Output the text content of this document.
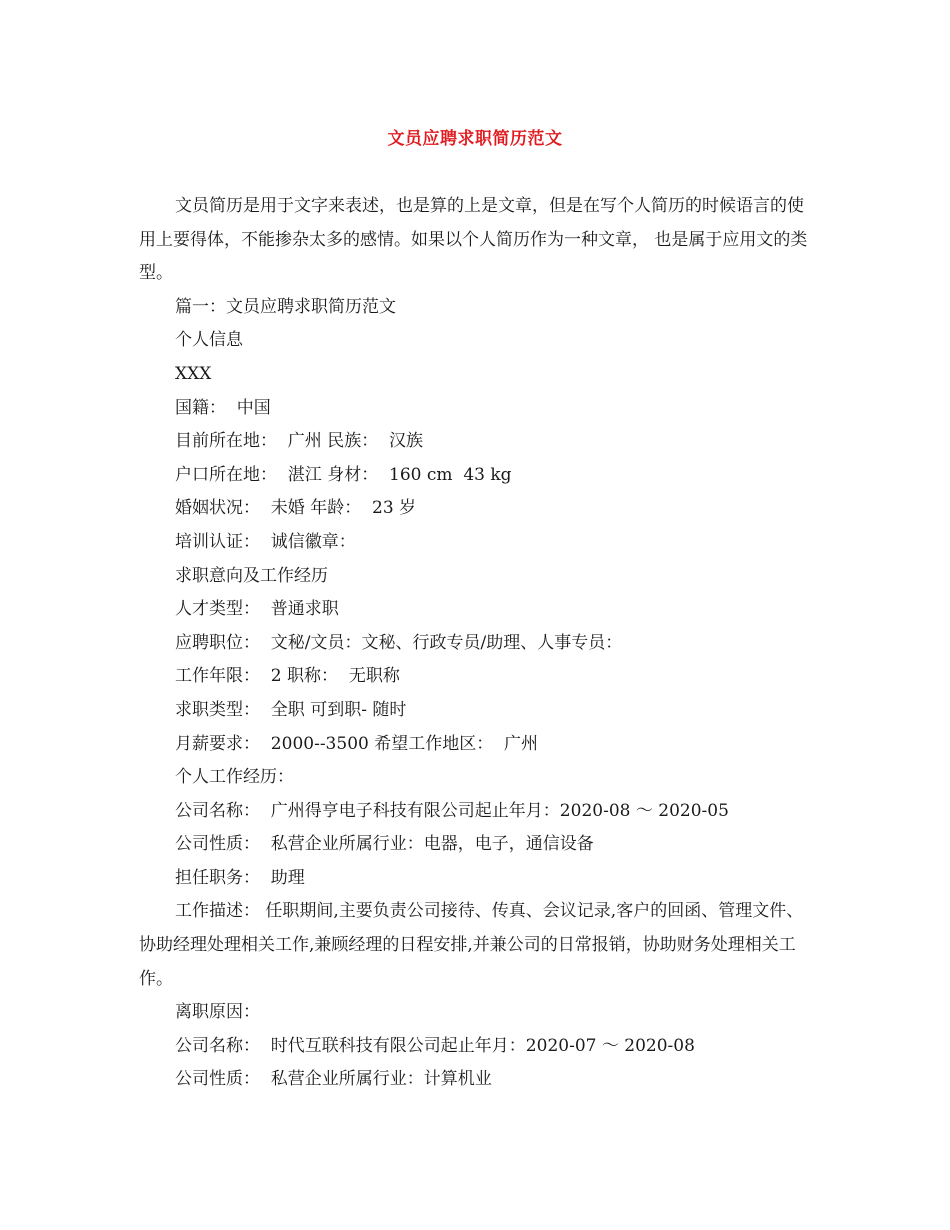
文员应聘求职简历范文

文员简历是用于文字来表述，也是算的上是文章，但是在写个人简历的时候语言的使用上要得体，不能掺杂太多的感情。如果以个人简历作为一种文章， 也是属于应用文的类型。

篇一：文员应聘求职简历范文

个人信息

XXX

国籍：  中国

目前所在地：  广州 民族：  汉族

户口所在地：  湛江 身材：  160 cm  43 kg

婚姻状况：  未婚 年龄：  23 岁

培训认证：  诚信徽章：

求职意向及工作经历

人才类型：  普通求职

应聘职位：  文秘/文员：文秘、行政专员/助理、人事专员：

工作年限：  2 职称：  无职称

求职类型：  全职 可到职- 随时

月薪要求：  2000--3500 希望工作地区：  广州

个人工作经历：

公司名称：  广州得亨电子科技有限公司起止年月：2020-08 ～ 2020-05

公司性质：  私营企业所属行业：电器，电子，通信设备

担任职务：  助理

工作描述： 任职期间,主要负责公司接待、传真、会议记录,客户的回函、管理文件、协助经理处理相关工作,兼顾经理的日程安排,并兼公司的日常报销，协助财务处理相关工作。

离职原因：

公司名称：  时代互联科技有限公司起止年月：2020-07 ～ 2020-08

公司性质：  私营企业所属行业：计算机业
